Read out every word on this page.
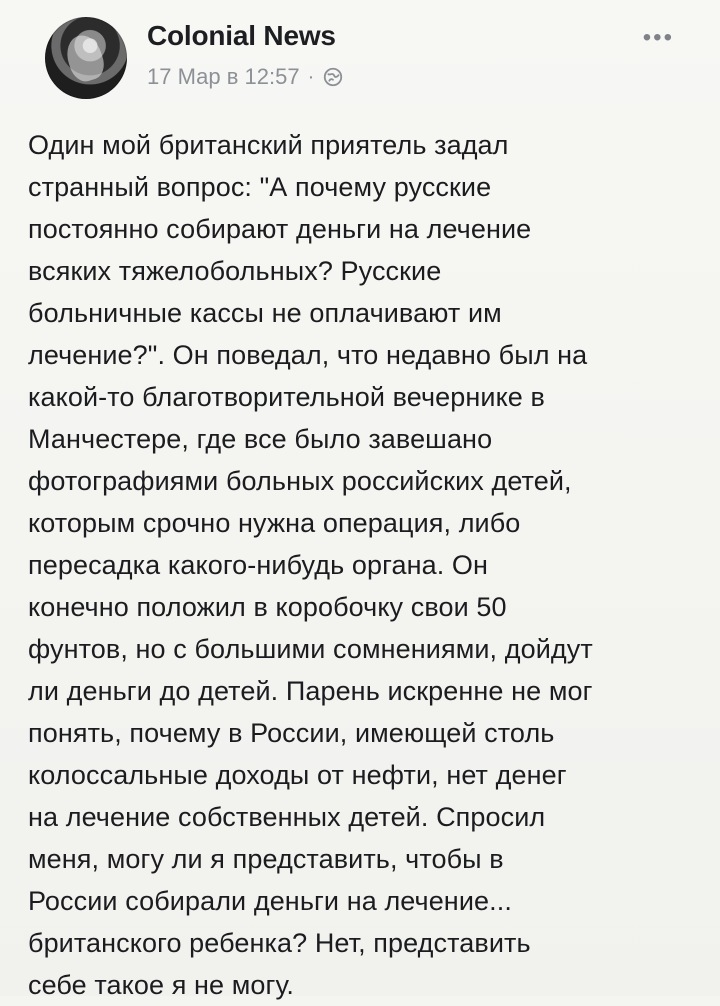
Colonial News
17 Мар в 12:57 ·
•••
Один мой британский приятель задал
странный вопрос: "А почему русские
постоянно собирают деньги на лечение
всяких тяжелобольных? Русские
больничные кассы не оплачивают им
лечение?". Он поведал, что недавно был на
какой-то благотворительной вечернике в
Манчестере, где все было завешано
фотографиями больных российских детей,
которым срочно нужна операция, либо
пересадка какого-нибудь органа. Он
конечно положил в коробочку свои 50
фунтов, но с большими сомнениями, дойдут
ли деньги до детей. Парень искренне не мог
понять, почему в России, имеющей столь
колоссальные доходы от нефти, нет денег
на лечение собственных детей. Спросил
меня, могу ли я представить, чтобы в
России собирали деньги на лечение...
британского ребенка? Нет, представить
себе такое я не могу.
